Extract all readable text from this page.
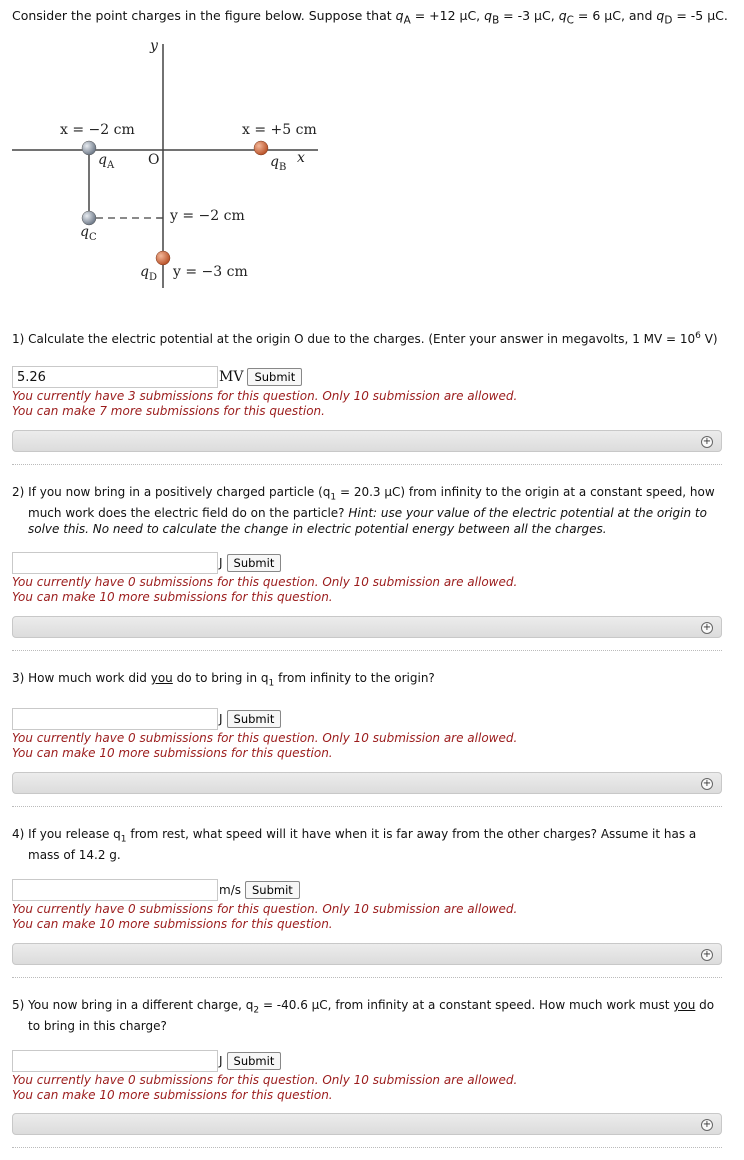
Consider the point charges in the figure below. Suppose that $q_A = +12$ μC, $q_B = -3$ μC, $q_C = 6$ μC, and $q_D = -5$ μC.
y
x
x = −2 cm	x = +5 cm
O
$q_A$	$q_B$
$q_C$
$q_D$
y = −2 cm
y = −3 cm
1) Calculate the electric potential at the origin O due to the charges. (Enter your answer in megavolts, 1 MV = $10^6$ V)
5.26
MV Submit
You currently have 3 submissions for this question. Only 10 submission are allowed.
You can make 7 more submissions for this question.
+
2) If you now bring in a positively charged particle ($q_1 = 20.3$ μC) from infinity to the origin at a constant speed, how much work does the electric field do on the particle? Hint: use your value of the electric potential at the origin to solve this. No need to calculate the change in electric potential energy between all the charges.
J Submit
You currently have 0 submissions for this question. Only 10 submission are allowed.
You can make 10 more submissions for this question.
+
3) How much work did you do to bring in $q_1$ from infinity to the origin?
J Submit
You currently have 0 submissions for this question. Only 10 submission are allowed.
You can make 10 more submissions for this question.
+
4) If you release $q_1$ from rest, what speed will it have when it is far away from the other charges? Assume it has a mass of 14.2 g.
m/s Submit
You currently have 0 submissions for this question. Only 10 submission are allowed.
You can make 10 more submissions for this question.
+
5) You now bring in a different charge, $q_2 = -40.6$ μC, from infinity at a constant speed. How much work must you do to bring in this charge?
J Submit
You currently have 0 submissions for this question. Only 10 submission are allowed.
You can make 10 more submissions for this question.
+
